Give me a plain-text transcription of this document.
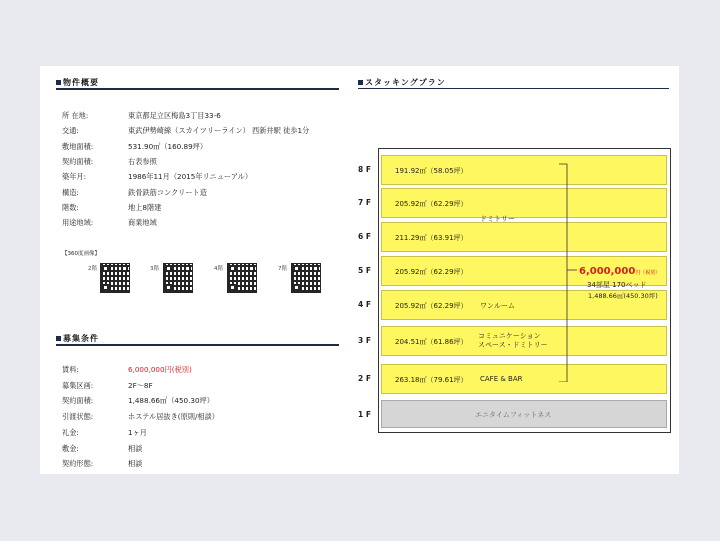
物件概要
所 在地:	東京都足立区梅島3丁目33-6
交通:	東武伊勢崎線（スカイツリーライン） 西新井駅 徒歩1分
敷地面積:	531.90㎡（160.89坪）
契約面積:	右表参照
築年月:	1986年11月（2015年リニューアル）
構造:	鉄骨鉄筋コンクリート造
階数:	地上8階建
用途地域:	商業地域
【360度画像】
2階	3階	4階	7階
募集条件
賃料:	6,000,000円(税別)
募集区画:	2F～8F
契約面積:	1,488.66㎡（450.30坪）
引渡状態:	ホステル居抜き(原則/相談）
礼金:	1ヶ月
敷金:	相談
契約形態:	相談
スタッキングプラン
8 F	191.92㎡（58.05坪）
7 F	205.92㎡（62.29坪）
6 F	211.29㎡（63.91坪）
5 F	205.92㎡（62.29坪）
4 F	205.92㎡（62.29坪） ワンルーム
3 F	204.51㎡（61.86坪）
コミュニケーション
スペース・ドミトリー
2 F	263.18㎡（79.61坪） CAFE & BAR
1 F	エニタイムフィットネス
ドミトリー
6,000,000円（税別）
34部屋 170ベッド
1,488.66㎡(450.30坪)
